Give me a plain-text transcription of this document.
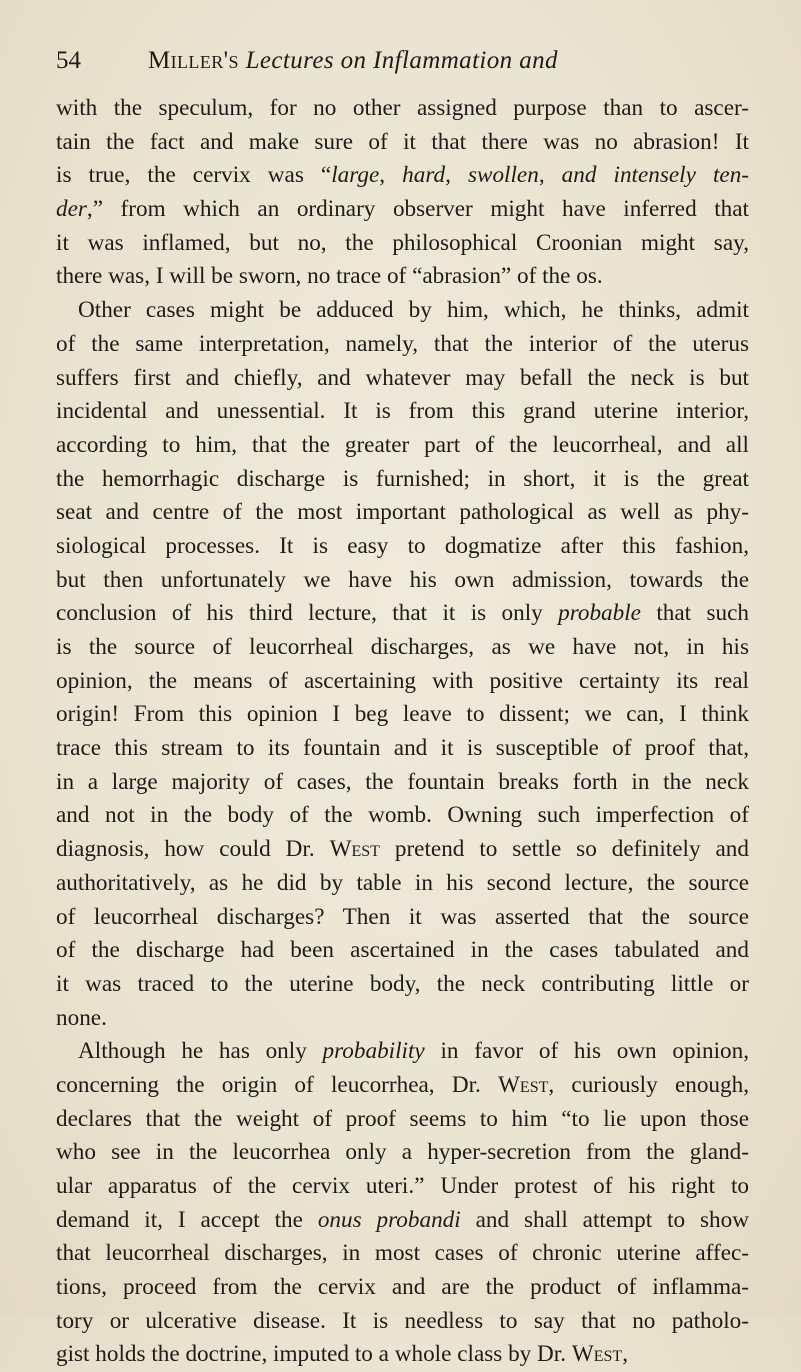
54	Miller's Lectures on Inflammation and
with the speculum, for no other assigned purpose than to ascer-
tain the fact and make sure of it that there was no abrasion! It
is true, the cervix was “large, hard, swollen, and intensely ten-
der,” from which an ordinary observer might have inferred that
it was inflamed, but no, the philosophical Croonian might say,
there was, I will be sworn, no trace of “abrasion” of the os.
Other cases might be adduced by him, which, he thinks, admit
of the same interpretation, namely, that the interior of the uterus
suffers first and chiefly, and whatever may befall the neck is but
incidental and unessential. It is from this grand uterine interior,
according to him, that the greater part of the leucorrheal, and all
the hemorrhagic discharge is furnished; in short, it is the great
seat and centre of the most important pathological as well as phy-
siological processes. It is easy to dogmatize after this fashion,
but then unfortunately we have his own admission, towards the
conclusion of his third lecture, that it is only probable that such
is the source of leucorrheal discharges, as we have not, in his
opinion, the means of ascertaining with positive certainty its real
origin! From this opinion I beg leave to dissent; we can, I think
trace this stream to its fountain and it is susceptible of proof that,
in a large majority of cases, the fountain breaks forth in the neck
and not in the body of the womb. Owning such imperfection of
diagnosis, how could Dr. West pretend to settle so definitely and
authoritatively, as he did by table in his second lecture, the source
of leucorrheal discharges? Then it was asserted that the source
of the discharge had been ascertained in the cases tabulated and
it was traced to the uterine body, the neck contributing little or
none.
Although he has only probability in favor of his own opinion,
concerning the origin of leucorrhea, Dr. West, curiously enough,
declares that the weight of proof seems to him “to lie upon those
who see in the leucorrhea only a hyper-secretion from the gland-
ular apparatus of the cervix uteri.” Under protest of his right to
demand it, I accept the onus probandi and shall attempt to show
that leucorrheal discharges, in most cases of chronic uterine affec-
tions, proceed from the cervix and are the product of inflamma-
tory or ulcerative disease. It is needless to say that no patholo-
gist holds the doctrine, imputed to a whole class by Dr. West,
